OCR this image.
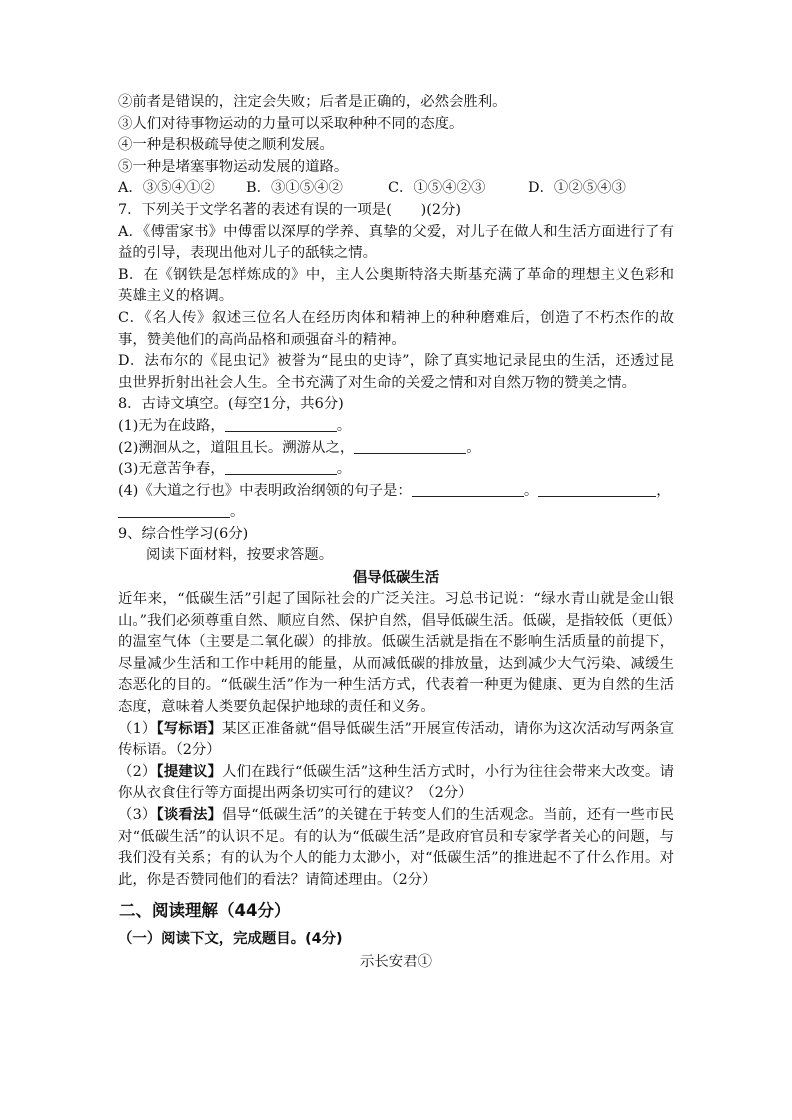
②前者是错误的，注定会失败；后者是正确的，必然会胜利。
③人们对待事物运动的力量可以采取种种不同的态度。
④一种是积极疏导使之顺利发展。
⑤一种是堵塞事物运动发展的道路。
A．③⑤④①② B．③①⑤④②	C．①⑤④②③	D．①②⑤④③
7．下列关于文学名著的表述有误的一项是(　　)(2分)
A．《傅雷家书》中傅雷以深厚的学养、真挚的父爱，对儿子在做人和生活方面进行了有益的引导，表现出他对儿子的舐犊之情。
B．在《钢铁是怎样炼成的》中，主人公奥斯特洛夫斯基充满了革命的理想主义色彩和英雄主义的格调。
C．《名人传》叙述三位名人在经历肉体和精神上的种种磨难后，创造了不朽杰作的故事，赞美他们的高尚品格和顽强奋斗的精神。
D．法布尔的《昆虫记》被誉为“昆虫的史诗”，除了真实地记录昆虫的生活，还透过昆虫世界折射出社会人生。全书充满了对生命的关爱之情和对自然万物的赞美之情。
8．古诗文填空。(每空1分，共6分)
(1)无为在歧路，	。
(2)溯洄从之，道阻且长。溯游从之，	。
(3)无意苦争春，	。
(4)《大道之行也》中表明政治纲领的句子是：	。	，
。
9、综合性学习(6分)
阅读下面材料，按要求答题。
倡导低碳生活
近年来，“低碳生活”引起了国际社会的广泛关注。习总书记说：“绿水青山就是金山银山。”我们必须尊重自然、顺应自然、保护自然，倡导低碳生活。低碳，是指较低（更低）的温室气体（主要是二氧化碳）的排放。低碳生活就是指在不影响生活质量的前提下，尽量减少生活和工作中耗用的能量，从而减低碳的排放量，达到减少大气污染、减缓生态恶化的目的。“低碳生活”作为一种生活方式，代表着一种更为健康、更为自然的生活态度，意味着人类要负起保护地球的责任和义务。
（1）【写标语】某区正准备就“倡导低碳生活”开展宣传活动，请你为这次活动写两条宣传标语。（2分）
（2）【提建议】人们在践行“低碳生活”这种生活方式时，小行为往往会带来大改变。请你从衣食住行等方面提出两条切实可行的建议？（2分）
（3）【谈看法】倡导“低碳生活”的关键在于转变人们的生活观念。当前，还有一些市民对“低碳生活”的认识不足。有的认为“低碳生活”是政府官员和专家学者关心的问题，与我们没有关系；有的认为个人的能力太渺小，对“低碳生活”的推进起不了什么作用。对此，你是否赞同他们的看法？请简述理由。（2分）
二、阅读理解（44分）
（一）阅读下文，完成题目。(4分)
示长安君①
